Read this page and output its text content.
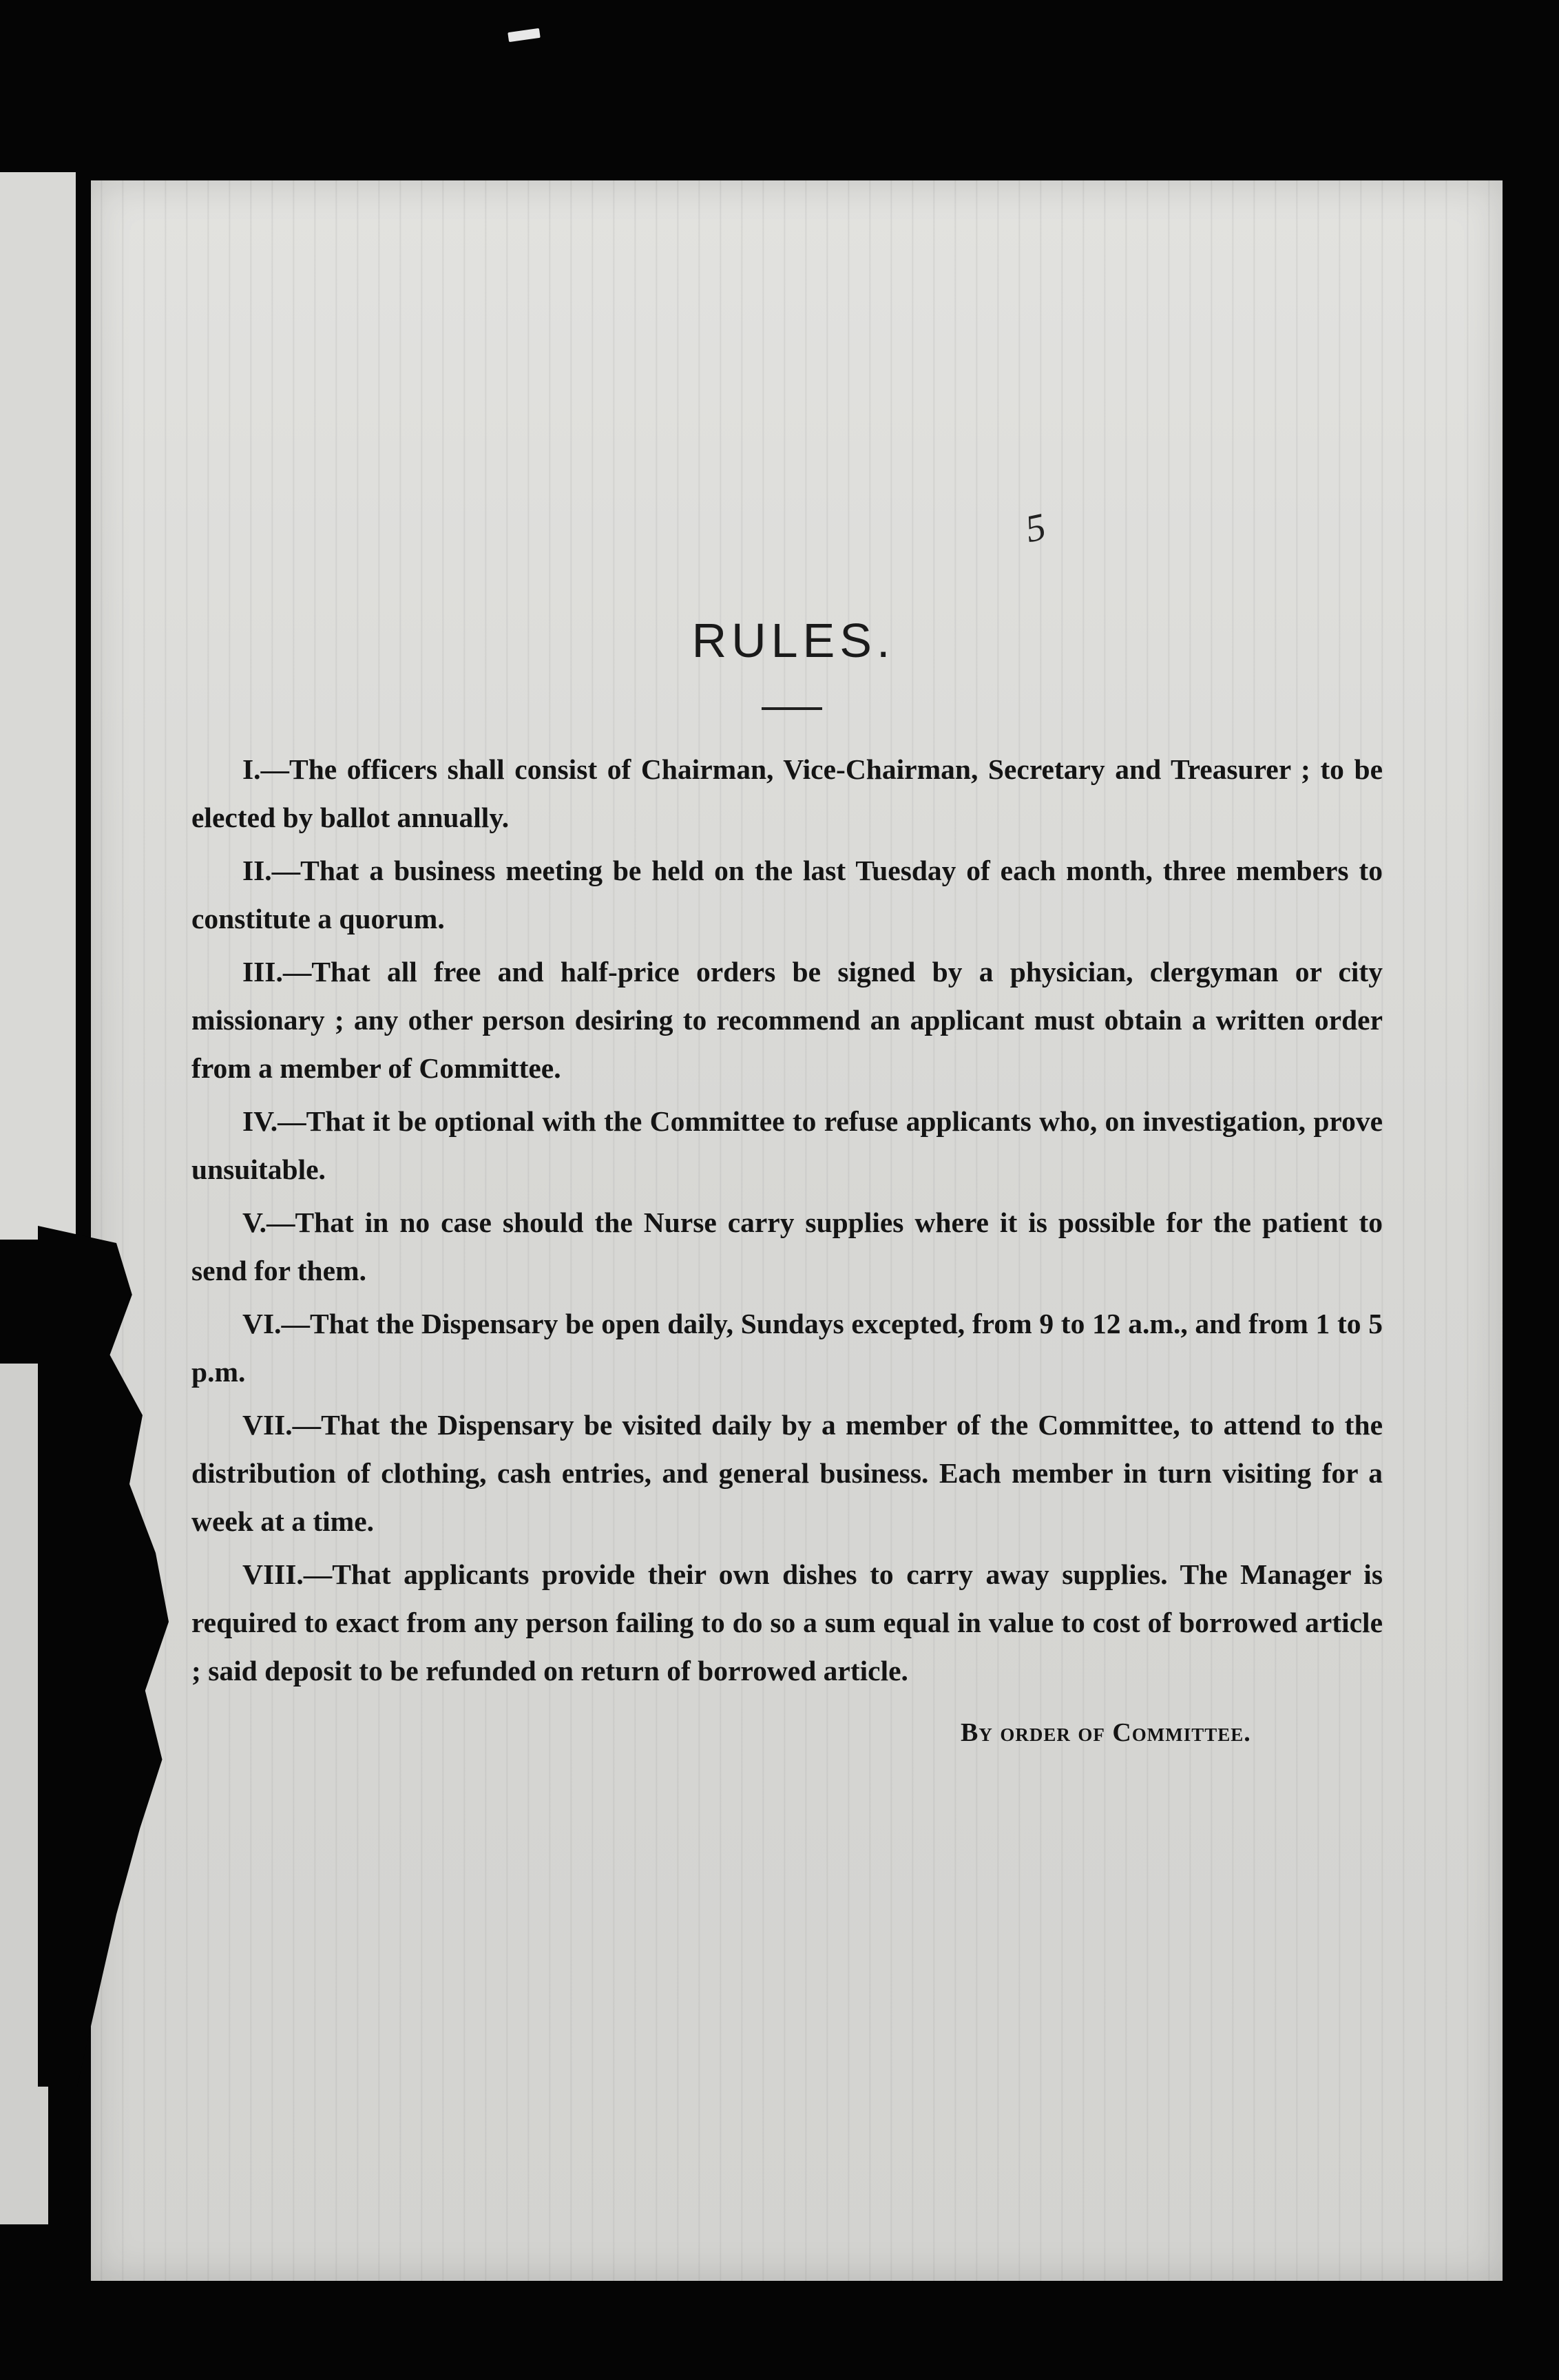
5
RULES.
I.—The officers shall consist of Chairman, Vice-Chairman, Secretary and Treasurer ; to be elected by ballot annually.
II.—That a business meeting be held on the last Tuesday of each month, three members to constitute a quorum.
III.—That all free and half-price orders be signed by a physician, clergyman or city missionary ; any other person desiring to recommend an applicant must obtain a written order from a member of Committee.
IV.—That it be optional with the Committee to refuse applicants who, on investigation, prove unsuitable.
V.—That in no case should the Nurse carry supplies where it is possible for the patient to send for them.
VI.—That the Dispensary be open daily, Sundays excepted, from 9 to 12 a.m., and from 1 to 5 p.m.
VII.—That the Dispensary be visited daily by a member of the Committee, to attend to the distribution of clothing, cash entries, and general business. Each member in turn visiting for a week at a time.
VIII.—That applicants provide their own dishes to carry away supplies. The Manager is required to exact from any person failing to do so a sum equal in value to cost of borrowed article ; said deposit to be refunded on return of borrowed article.
By order of Committee.
